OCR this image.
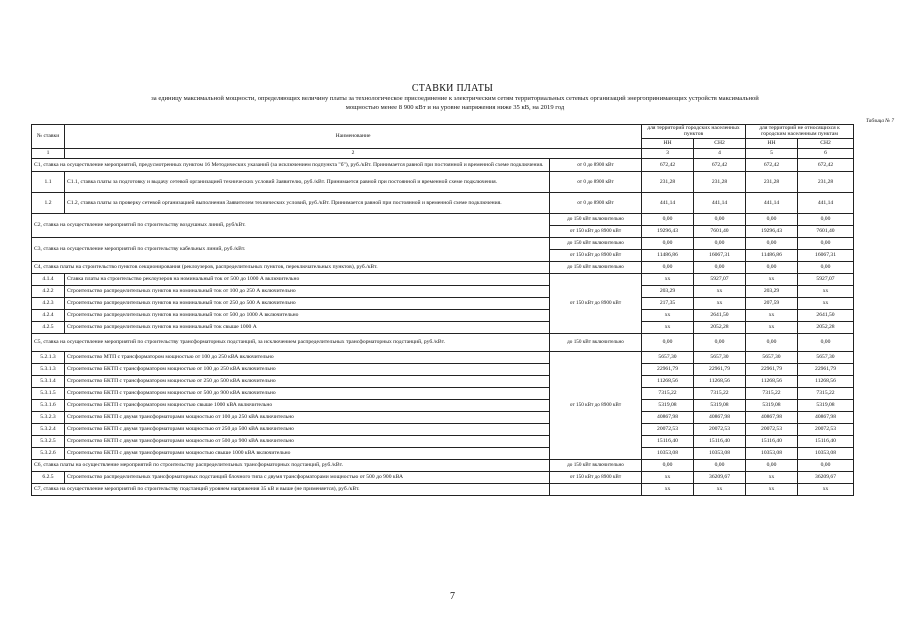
СТАВКИ ПЛАТЫ
за единицу максимальной мощности, определяющих величину платы за технологическое присоединение к электрическим сетям территориальных сетевых организаций энергопринимающих устройств максимальной мощностью менее 8 900 кВт и на уровне напряжения ниже 35 кВ, на 2019 год
Таблица № 7
№ ставки	Наименование		для территорий городских населенных пунктов		для территорий не относящихся к городским населенным пунктам	
			НН	СН2	НН	СН2
1	2		3	4	5	6
С1, ставка на осуществление мероприятий, предусмотренных пунктом 16 Методических указаний (за исключением подпункта "б"), руб./кВт. Принимается равной при постоянной и временной схеме подключения.		от 0 до 8900 кВт	672,42	672,42	672,42	672,42
1.1	С1.1, ставка платы за подготовку и выдачу сетевой организацией технических условий Заявителю, руб./кВт. Принимается равной при постоянной и временной схеме подключения.	от 0 до 8900 кВт	231,28	231,28	231,28	231,28
1.2	С1.2, ставка платы за проверку сетевой организацией выполнения Заявителем технических условий, руб./кВт. Принимается равной при постоянной и временной схеме подключения.	от 0 до 8900 кВт	441,14	441,14	441,14	441,14
С2, ставка на осуществление мероприятий по строительству воздушных линий, руб/кВт.		до 150 кВт включительно	0,00	0,00	0,00	0,00
		от 150 кВт до 8900 кВт	19296,43	7601,40	19296,43	7601,40
С3, ставка на осуществление мероприятий по строительству кабельных линий, руб./кВт.		до 150 кВт включительно	0,00	0,00	0,00	0,00
		от 150 кВт до 8900 кВт	11486,86	16067,31	11486,86	16067,31
С4, ставка платы на строительство пунктов секционирования (реклоузеров, распределительных пунктов, переключательных пунктов), руб./кВт.		до 150 кВт включительно	0,00	0,00	0,00	0,00
4.1.4	Ставка платы на строительство реклоузеров на номинальный ток от 500 до 1000 А включительно	от 150 кВт до 8900 кВт	хх	5927,07	хх	5927,07
4.2.2	Строительство распределительных пунктов на номинальный ток от 100 до 250 А включительно		203,29	хх	203,29	хх
4.2.3	Строительство распределительных пунктов на номинальный ток от 250 до 500 А включительно		217,35	хх	207,59	хх
4.2.4	Строительство распределительных пунктов на номинальный ток от 500 до 1000 А включительно		хх	2641,50	хх	2641,50
4.2.5	Строительство распределительных пунктов на номинальный ток свыше 1000 А		хх	2052,28	хх	2052,28
С5, ставка на осуществление мероприятий по строительству трансформаторных подстанций, за исключением распределительных трансформаторных подстанций, руб./кВт.		до 150 кВт включительно	0,00	0,00	0,00	0,00
5.2.1.3	Строительство МТП с трансформатором мощностью от 100 до 250 кВА включительно	от 150 кВт до 8900 кВт	5657,30	5657,30	5657,30	5657,30
5.3.1.3	Строительство БКТП с трансформатором мощностью от 100 до 250 кВА включительно		22961,79	22961,79	22961,79	22961,79
5.3.1.4	Строительство БКТП с трансформатором мощностью от 250 до 500 кВА включительно		11268,56	11268,56	11268,56	11268,56
5.3.1.5	Строительство БКТП с трансформатором мощностью от 500 до 900 кВА включительно		7315,22	7315,22	7315,22	7315,22
5.3.1.6	Строительство БКТП с трансформатором мощностью свыше 1000 кВА включительно		5319,08	5319,08	5319,08	5319,08
5.3.2.3	Строительство БКТП с двумя трансформаторами мощностью от 100 до 250 кВА включительно		40867,98	40867,98	40867,98	40867,98
5.3.2.4	Строительство БКТП с двумя трансформаторами мощностью от 250 до 500 кВА включительно		20072,53	20072,53	20072,53	20072,53
5.3.2.5	Строительство БКТП с двумя трансформаторами мощностью от 500 до 900 кВА включительно		15116,40	15116,40	15116,40	15116,40
5.3.2.6	Строительство БКТП с двумя трансформаторами мощностью свыше 1000 кВА включительно		10353,08	10353,08	10353,08	10353,08
С6, ставка платы на осуществление мероприятий по строительству распределительных трансформаторных подстанций, руб./кВт.		до 150 кВт включительно	0,00	0,00	0,00	0,00
6.2.5	Строительство распределительных трансформаторных подстанций блочного типа с двумя трансформаторами мощностью от 500 до 900 кВА	от 150 кВт до 8900 кВт	хх	36209,67	хх	36209,67
С7, ставка на осуществление мероприятий по строительству подстанций уровнем напряжения 35 кВ и выше (не применяется), руб./кВт.			хх	хх	хх	хх
7
